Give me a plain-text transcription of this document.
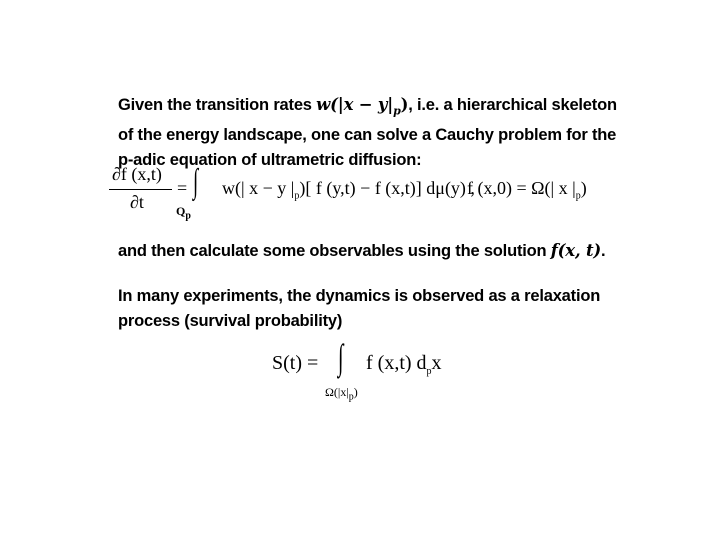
Given the transition rates $w(|x - y|_p)$, i.e. a hierarchical skeleton
of the energy landscape, one can solve a Cauchy problem for the
p-adic equation of ultrametric diffusion:
∂f (x,t)
∂t
= ∫
$Q_p$
w(| x − y $|_p$)[ f (y,t) − f (x,t)] dμ(y) ,
f (x,0) = Ω(| x $|_p$)
and then calculate some observables using the solution f(x, t).
In many experiments, the dynamics is observed as a relaxation
process (survival probability)
S(t) = ∫
$\Omega(|x|_p)$
f (x,t) $d_px$
